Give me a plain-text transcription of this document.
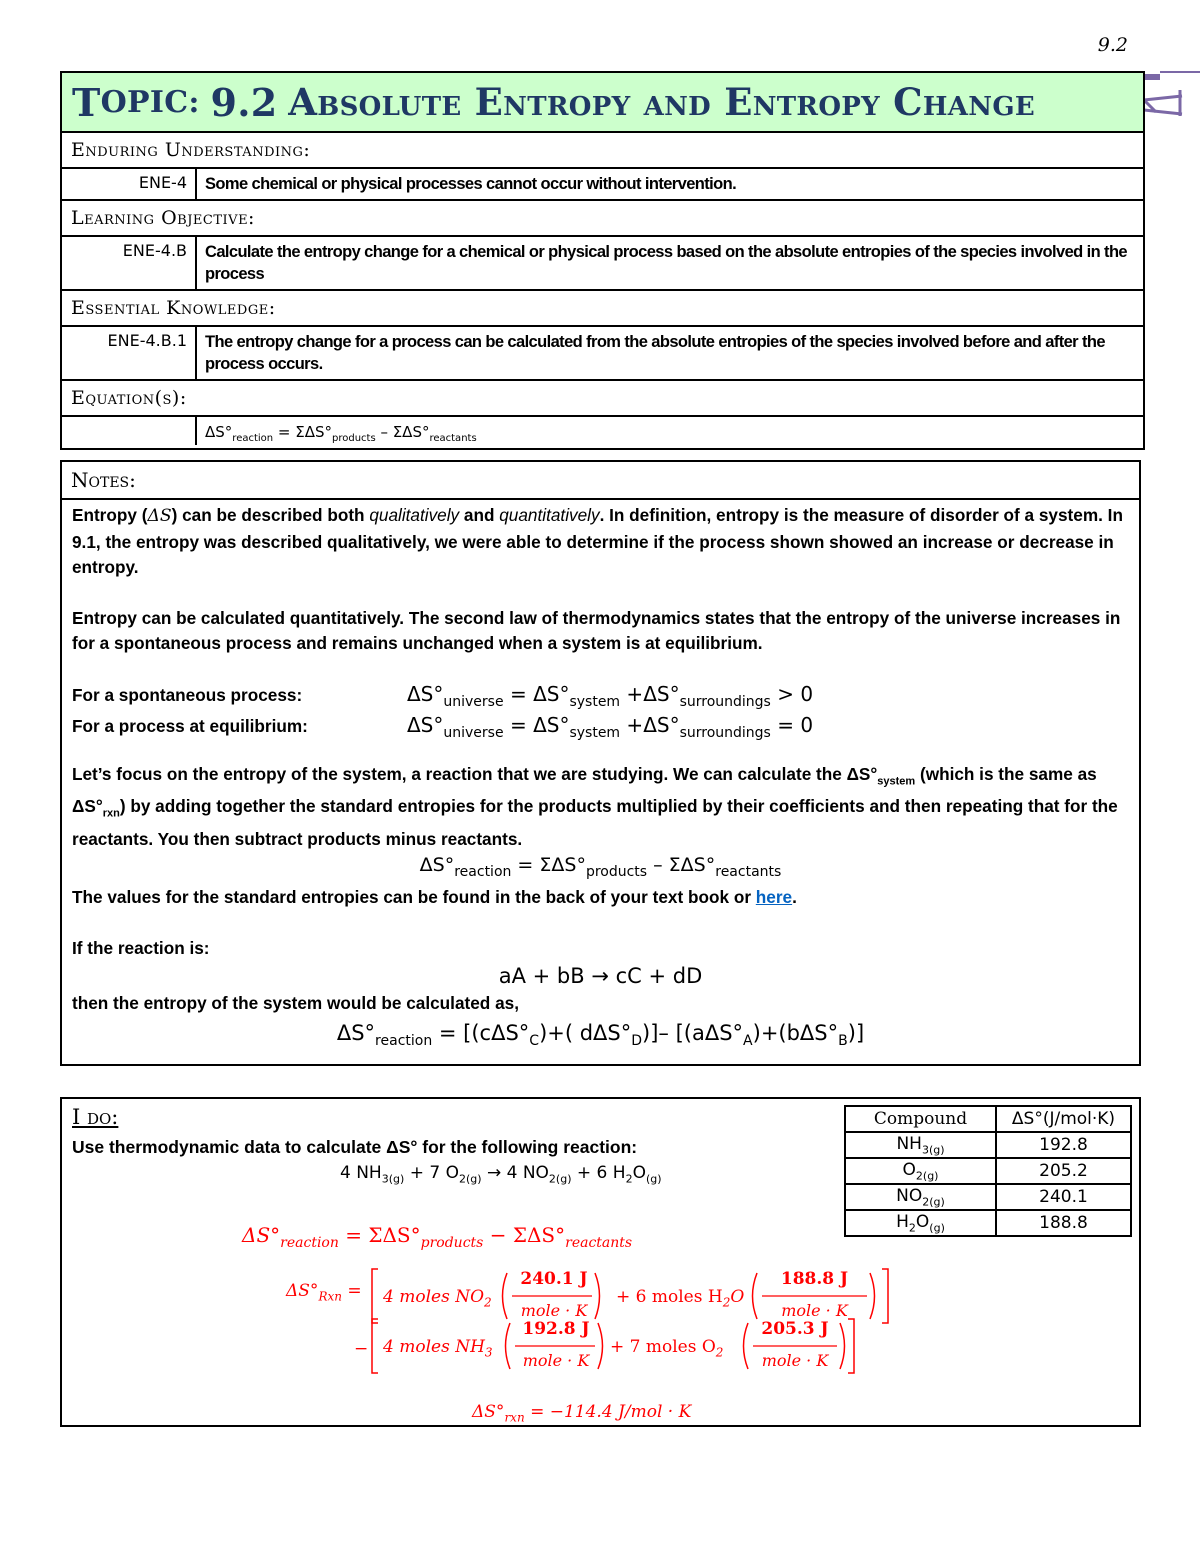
9.2
T OPIC :
9.2
Absolute Entropy and Entropy Change
Enduring Understanding:
ENE-4	Some chemical or physical processes cannot occur without intervention.
Learning Objective:
ENE-4.B	Calculate the entropy change for a chemical or physical process based on the absolute entropies of the species involved in the process
Essential Knowledge:
ENE-4.B.1	The entropy change for a process can be calculated from the absolute entropies of the species involved before and after the process occurs.
Equation(s):
$\Delta S^\circ_{reaction} = \Sigma\Delta S^\circ_{products} - \Sigma\Delta S^\circ_{reactants}$
Notes:

Entropy (ΔS) can be described both qualitatively and quantitatively. In definition, entropy is the measure of disorder of a system. In 9.1, the entropy was described qualitatively, we were able to determine if the process shown showed an increase or decrease in entropy.

Entropy can be calculated quantitatively. The second law of thermodynamics states that the entropy of the universe increases in for a spontaneous process and remains unchanged when a system is at equilibrium.

For a spontaneous process:	$\Delta S^\circ_{universe} = \Delta S^\circ_{system} +\Delta S^\circ_{surroundings} > 0$
For a process at equilibrium:	$\Delta S^\circ_{universe} = \Delta S^\circ_{system} +\Delta S^\circ_{surroundings} = 0$

Let’s focus on the entropy of the system, a reaction that we are studying. We can calculate the $\Delta S^\circ_{system}$ (which is the same as $\Delta S^\circ_{rxn}$) by adding together the standard entropies for the products multiplied by their coefficients and then repeating that for the reactants. You then subtract products minus reactants.

$\Delta S^\circ_{reaction} = \Sigma\Delta S^\circ_{products} - \Sigma\Delta S^\circ_{reactants}$

The values for the standard entropies can be found in the back of your text book or here.

If the reaction is:

aA + bB → cC + dD

then the entropy of the system would be calculated as,

$\Delta S^\circ_{reaction} = [(c\Delta S^\circ_C)+$( $d\Delta S^\circ_D)]-$ $[(a\Delta S^\circ_A)+(b\Delta S^\circ_B)]$
I do:
Use thermodynamic data to calculate ΔS° for the following reaction:
4 $NH_{3(g)} + 7$ $O_{2(g)} \to 4$ $NO_{2(g)} + 6$ $H_2O_{(g)}$
Compound	ΔS°(J/mol·K)
$NH_{3(g)}$	192.8
$O_{2(g)}$	205.2
$NO_{2(g)}$	240.1
$H_2O_{(g)}$	188.8
$\Delta S^\circ_{reaction} = \Sigma\Delta S^\circ_{products} - \Sigma\Delta S^\circ_{reactants}$
$\Delta S^\circ_{Rxn} = 4$ moles $NO_2$
240.1 J
mole · K
+ 6 moles $H_2O$
188.8 J
mole · K
− 4 moles $NH_3$
192.8 J
mole · K
+ 7 moles $O_2$
205.3 J
mole · K
$\Delta S^\circ_{rxn} = -114.4$ J/mol · K
